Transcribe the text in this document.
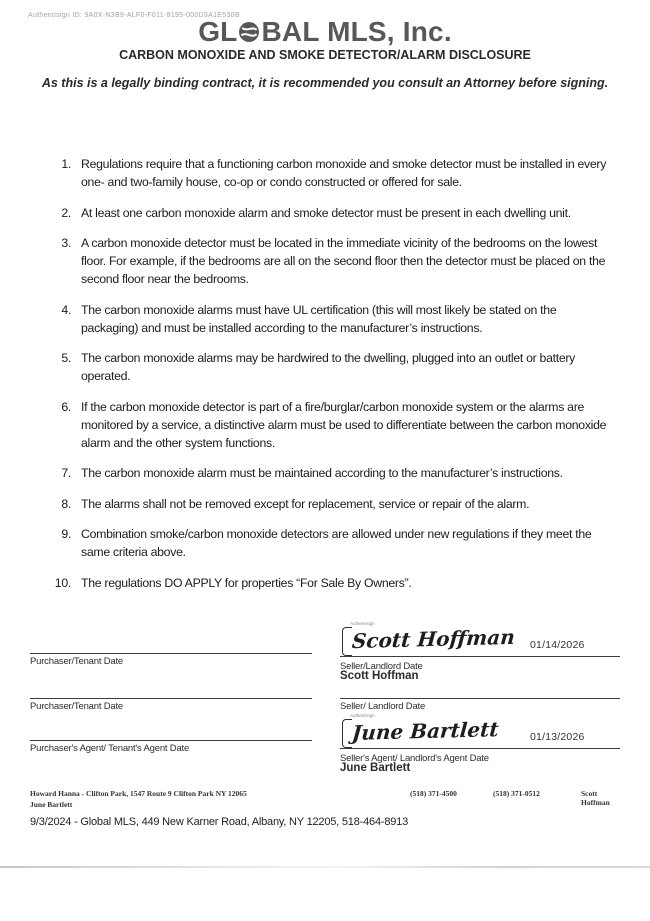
Authentisign ID: 9A0X-N3B9-ALF0-F011-8195-000D3A1E530B
GL BAL MLS, Inc.
CARBON MONOXIDE AND SMOKE DETECTOR/ALARM DISCLOSURE
As this is a legally binding contract, it is recommended you consult an Attorney before signing.
1. Regulations require that a functioning carbon monoxide and smoke detector must be installed in every one- and two-family house, co-op or condo constructed or offered for sale.
2. At least one carbon monoxide alarm and smoke detector must be present in each dwelling unit.
3. A carbon monoxide detector must be located in the immediate vicinity of the bedrooms on the lowest floor. For example, if the bedrooms are all on the second floor then the detector must be placed on the second floor near the bedrooms.
4. The carbon monoxide alarms must have UL certification (this will most likely be stated on the packaging) and must be installed according to the manufacturer’s instructions.
5. The carbon monoxide alarms may be hardwired to the dwelling, plugged into an outlet or battery operated.
6. If the carbon monoxide detector is part of a fire/burglar/carbon monoxide system or the alarms are monitored by a service, a distinctive alarm must be used to differentiate between the carbon monoxide alarm and the other system functions.
7. The carbon monoxide alarm must be maintained according to the manufacturer’s instructions.
8. The alarms shall not be removed except for replacement, service or repair of the alarm.
9. Combination smoke/carbon monoxide detectors are allowed under new regulations if they meet the same criteria above.
10. The regulations DO APPLY for properties “For Sale By Owners”.
Purchaser/Tenant Date
Purchaser/Tenant Date
Purchaser's Agent/ Tenant's Agent Date
Authentisign
Scott Hoffman 01/14/2026
Seller/Landlord Date
Scott Hoffman
Seller/ Landlord Date
Authentisign
June Bartlett	01/13/2026
Seller's Agent/ Landlord's Agent Date
June Bartlett
Howard Hanna - Clifton Park, 1547 Route 9 Clifton Park NY 12065	(518) 371-4500	(518) 371-0512	Scott Hoffman
June Bartlett
9/3/2024 - Global MLS, 449 New Karner Road, Albany, NY 12205, 518-464-8913
